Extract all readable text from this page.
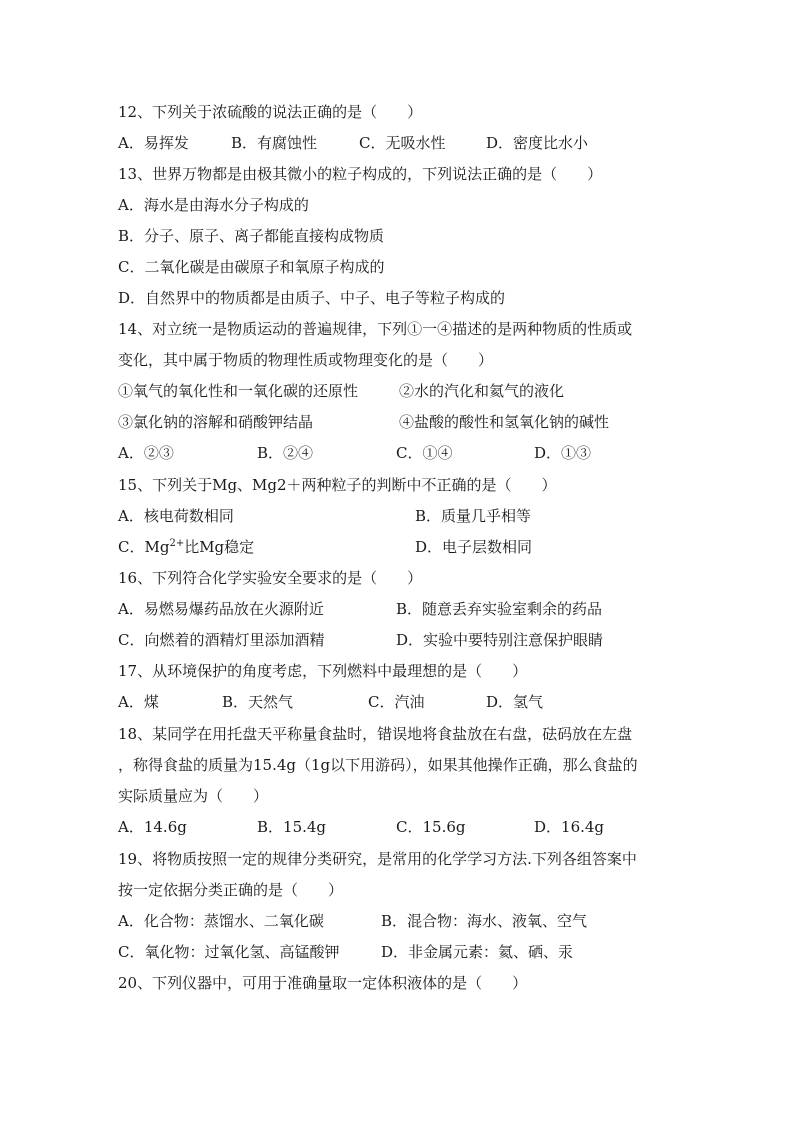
12、下列关于浓硫酸的说法正确的是（　　）
A．易挥发	B．有腐蚀性	C．无吸水性	D．密度比水小
13、世界万物都是由极其微小的粒子构成的，下列说法正确的是（　　）
A．海水是由海水分子构成的
B．分子、原子、离子都能直接构成物质
C．二氧化碳是由碳原子和氧原子构成的
D．自然界中的物质都是由质子、中子、电子等粒子构成的
14、对立统一是物质运动的普遍规律，下列①一④描述的是两种物质的性质或
变化，其中属于物质的物理性质或物理变化的是（　　）
①氧气的氧化性和一氧化碳的还原性	②水的汽化和氦气的液化
③氯化钠的溶解和硝酸钾结晶	④盐酸的酸性和氢氧化钠的碱性
A．②③	B．②④	C．①④	D．①③
15、下列关于Mg、Mg2＋两种粒子的判断中不正确的是（　　）
A．核电荷数相同	B．质量几乎相等
C．$Mg^{2+}$比Mg稳定	D．电子层数相同
16、下列符合化学实验安全要求的是（　　）
A．易燃易爆药品放在火源附近	B．随意丢弃实验室剩余的药品
C．向燃着的酒精灯里添加酒精	D．实验中要特别注意保护眼睛
17、从环境保护的角度考虑，下列燃料中最理想的是（　　）
A．煤	B．天然气	C．汽油	D．氢气
18、某同学在用托盘天平称量食盐时，错误地将食盐放在右盘，砝码放在左盘
，称得食盐的质量为15.4g（1g以下用游码），如果其他操作正确，那么食盐的
实际质量应为（　　）
A．14.6g	B．15.4g	C．15.6g	D．16.4g
19、将物质按照一定的规律分类研究，是常用的化学学习方法.下列各组答案中
按一定依据分类正确的是（　　）
A．化合物：蒸馏水、二氧化碳	B．混合物：海水、液氧、空气
C．氧化物：过氧化氢、高锰酸钾	D．非金属元素：氦、硒、汞
20、下列仪器中，可用于准确量取一定体积液体的是（　　）
